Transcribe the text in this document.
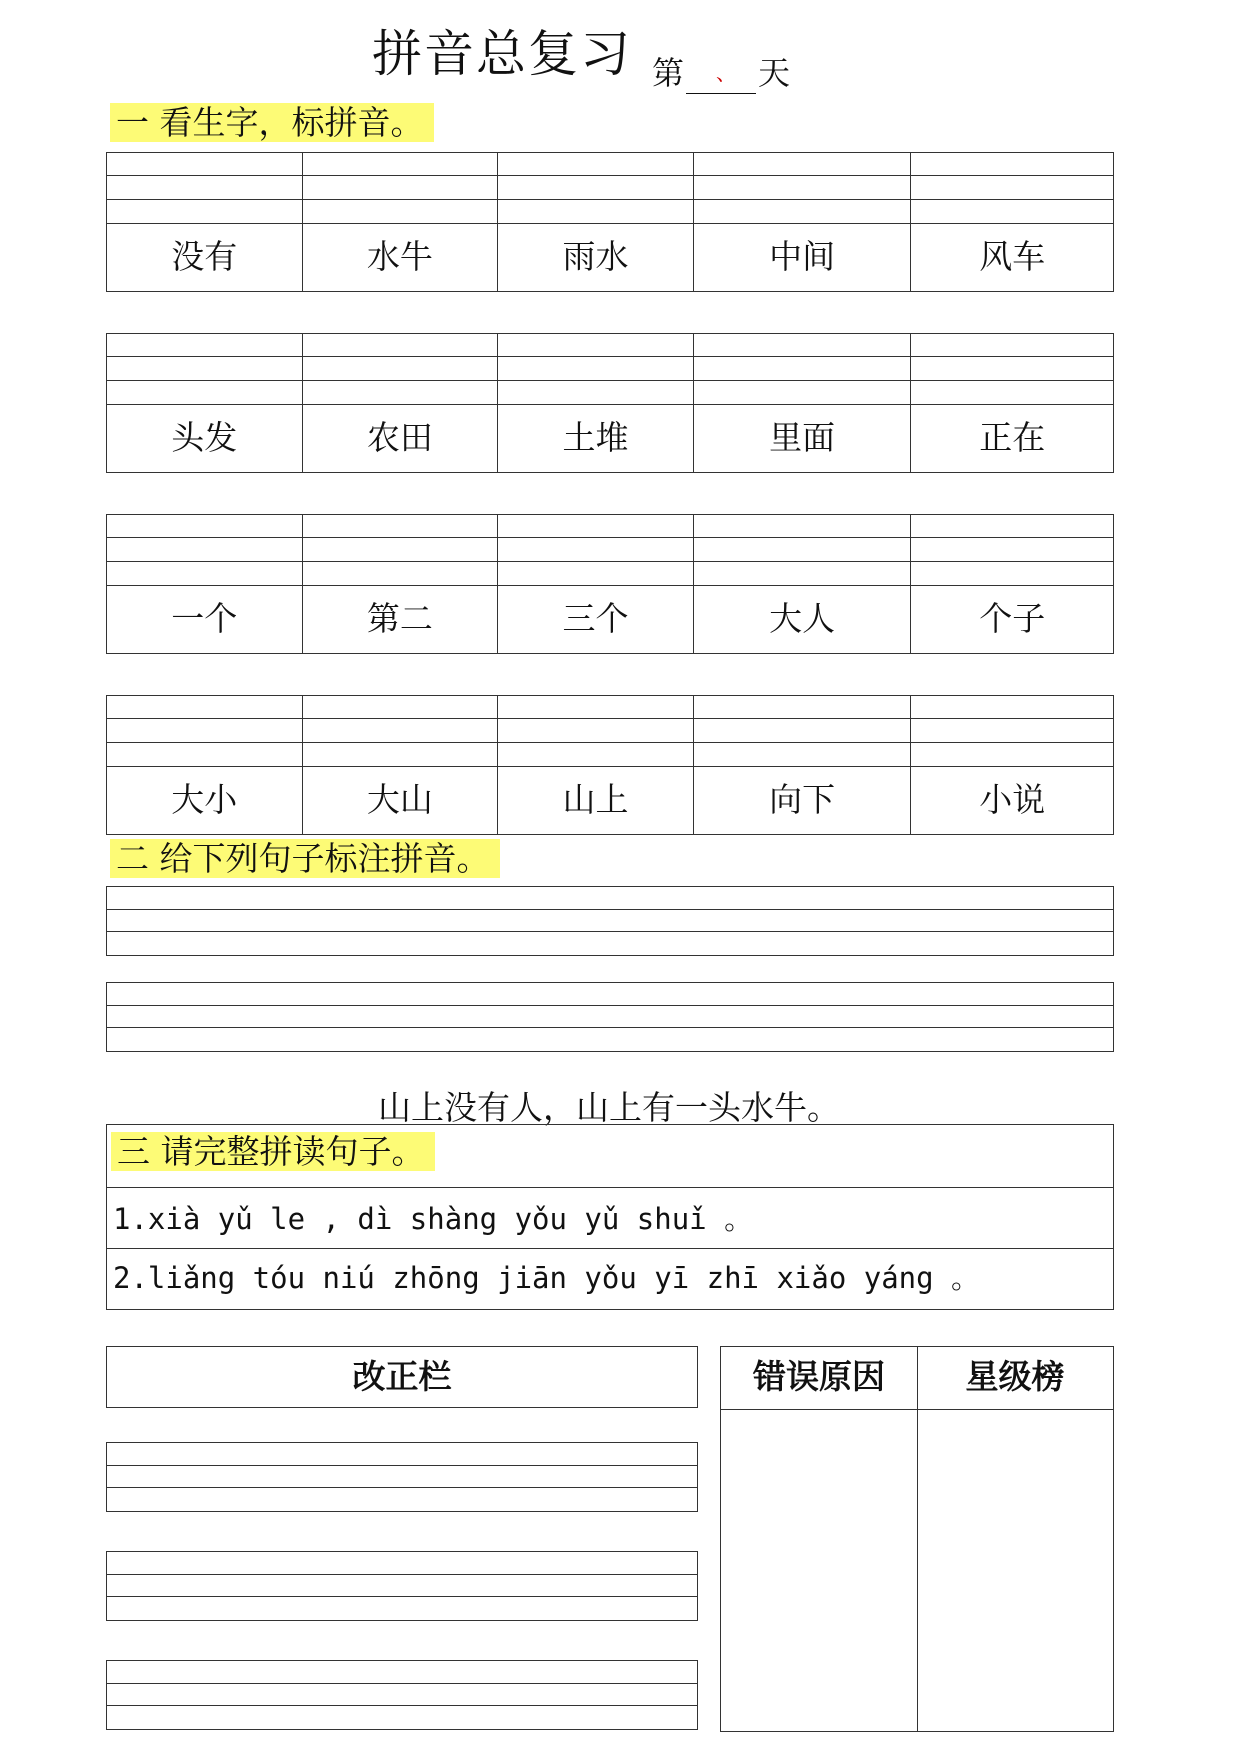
拼音总复习 第 、 天
一 看生字，标拼音。
没有	水牛	雨水	中间	风车
头发	农田	土堆	里面	正在
一个	第二	三个	大人	个子
大小	大山	山上	向下	小说
二 给下列句子标注拼音。
山上没有人，山上有一头水牛。
三 请完整拼读句子。
1.xià yǔ le , dì shàng yǒu yǔ shuǐ 。
2.liǎng tóu niú zhōng jiān yǒu yī zhī xiǎo yáng 。
改正栏	错误原因	星级榜
